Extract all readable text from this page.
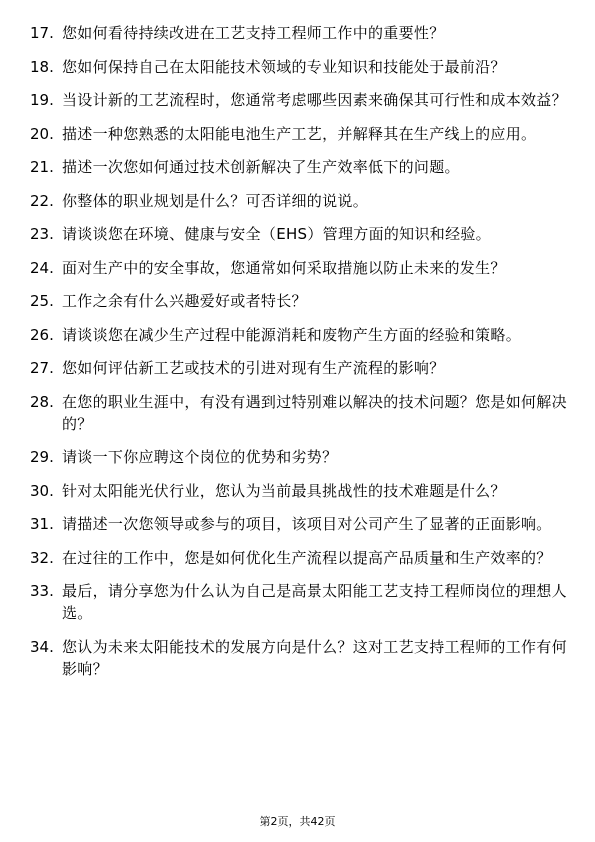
17. 您如何看待持续改进在工艺支持工程师工作中的重要性？
18. 您如何保持自己在太阳能技术领域的专业知识和技能处于最前沿？
19. 当设计新的工艺流程时，您通常考虑哪些因素来确保其可行性和成本效益？
20. 描述一种您熟悉的太阳能电池生产工艺，并解释其在生产线上的应用。
21. 描述一次您如何通过技术创新解决了生产效率低下的问题。
22. 你整体的职业规划是什么？可否详细的说说。
23. 请谈谈您在环境、健康与安全（EHS）管理方面的知识和经验。
24. 面对生产中的安全事故，您通常如何采取措施以防止未来的发生？
25. 工作之余有什么兴趣爱好或者特长？
26. 请谈谈您在减少生产过程中能源消耗和废物产生方面的经验和策略。
27. 您如何评估新工艺或技术的引进对现有生产流程的影响？
28. 在您的职业生涯中，有没有遇到过特别难以解决的技术问题？您是如何解决的？
29. 请谈一下你应聘这个岗位的优势和劣势？
30. 针对太阳能光伏行业，您认为当前最具挑战性的技术难题是什么？
31. 请描述一次您领导或参与的项目，该项目对公司产生了显著的正面影响。
32. 在过往的工作中，您是如何优化生产流程以提高产品质量和生产效率的？
33. 最后，请分享您为什么认为自己是高景太阳能工艺支持工程师岗位的理想人选。
34. 您认为未来太阳能技术的发展方向是什么？这对工艺支持工程师的工作有何影响？
第2页，共42页
